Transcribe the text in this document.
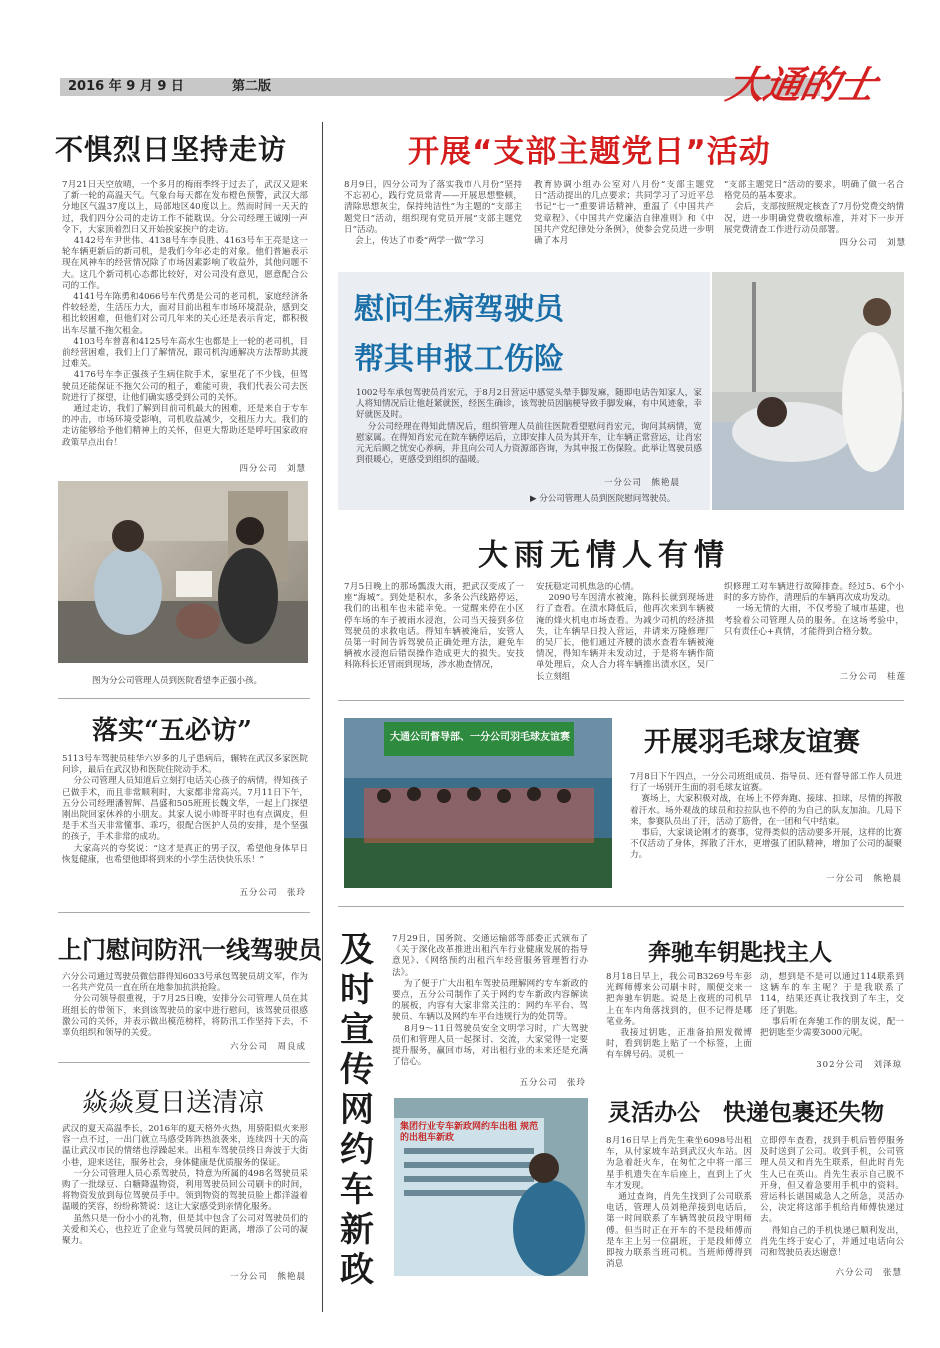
2016 年 9 月 9 日	第二版	大通的士
不惧烈日坚持走访
7月21日天空放晴，一个多月的梅雨季终于过去了，武汉又迎来了新一轮的高温天气。气象台每天都在发布橙色预警，武汉大部分地区气温37度以上，局部地区40度以上。然而时间一天天的过，我们四分公司的走访工作不能耽误。分公司经理王诚刚一声令下，大家顶着烈日又开始挨家挨户的走访。
4142号车尹世伟、4138号车李良胜、4163号车王亮是这一轮车辆更新后的新司机，是我们今年必走的对象。他们普遍表示现在风神车的经营情况除了市场因素影响了收益外，其他问题不大。这几个新司机心态都比较好，对公司没有意见，愿意配合公司的工作。
4141号车陈勇和4066号车代勇是公司的老司机，家庭经济条件较轻差，生活压力大，面对目前出租车市场环境混杂，感到交租比较困难，但他们对公司几年来的关心还是表示肯定，都积极出车尽量不拖欠租金。
4103号车曾喜和4125号车高水生也都是上一轮的老司机，目前经营困难，我们上门了解情况，跟司机沟通解决方法帮助其渡过难关。
4176号车李正强孩子生病住院手术，家里花了不少钱，但驾驶员还能保证不拖欠公司的租子，难能可贵，我们代表公司去医院进行了探望，让他们确实感受到公司的关怀。
通过走访，我们了解到目前司机最大的困难，还是来自于专车的冲击，市场环境受影响，司机收益减少，交租压力大。我们的走访能够给予他们精神上的关怀，但更大帮助还是呼吁国家政府政策早点出台！
四分公司　刘慧
图为分公司管理人员到医院看望李正强小孩。
落实“五必访”
5113号车驾驶员桂华六岁多的儿子患病后，辗转在武汉多家医院问诊，最后在武汉协和医院住院动手术。
分公司管理人员知道后立刻打电话关心孩子的病情，得知孩子已做手术，而且非常顺利时，大家都非常高兴。7月11日下午，五分公司经理潘智辉、昌盛和505班班长魏文华，一起上门探望刚出院回家休养的小朋友。其家人说小帅哥平时也有点调皮，但是手术当天非常懂事、乖巧，很配合医护人员的安排，是个坚强的孩子，手术非常的成功。
大家高兴的夸奖说：“这才是真正的男子汉，希望他身体早日恢复健康，也希望他即将到来的小学生活快快乐乐！”
五分公司　张玲
上门慰问防汛一线驾驶员
六分公司通过驾驶员微信群得知6033号承包驾驶员胡文军，作为一名共产党员一直在所在地参加抗洪抢险。
分公司领导很重视，于7月25日晚，安排分公司管理人员在其班组长的带领下，来到该驾驶员的家中进行慰问，该驾驶员很感激公司的关怀，并表示做出模范榜样，将防汛工作坚持下去，不辜负组织和领导的关爱。
六分公司　周良成
焱焱夏日送清凉
武汉的夏天高温季长，2016年的夏天格外火热，用骄阳似火来形容一点不过，一出门就立马感受阵阵热浪袭来，连续四十天的高温让武汉市民的情绪也浮躁起来。出租车驾驶员终日奔波于大街小巷，迎来送往，服务社会，身体健康是优质服务的保证。
一分公司管理人员心系驾驶员，特意为所属的498名驾驶员采购了一批绿豆、白糖降温物资，利用驾驶员回公司刷卡的时间，将物资发放到每位驾驶员手中。领到物资的驾驶员脸上都洋溢着温暖的笑容，纷纷称赞说：这让大家感受到亲情化服务。
虽然只是一份小小的礼物，但是其中包含了公司对驾驶员们的关爱和关心，也拉近了企业与驾驶员间的距离，增添了公司的凝聚力。
一分公司　熊艳晨
开展“支部主题党日”活动
8月9日，四分公司为了落实我市八月份“坚持不忘初心，践行党员常青——开展思想整顿，清除思想灰尘，保持纯洁性”为主题的“支部主题党日”活动，组织现有党员开展“支部主题党日”活动。
会上，传达了市委“两学一做”学习
教育协调小组办公室对八月份“支部主题党日”活动提出的几点要求；共同学习了习近平总书记“七一”重要讲话精神，重温了《中国共产党章程》、《中国共产党廉洁自律准则》和《中国共产党纪律处分条例》，使参会党员进一步明确了本月
“支部主题党日”活动的要求，明确了做一名合格党员的基本要求。
会后，支部按照规定核查了7月份党费交纳情况，进一步明确党费收缴标准，并对下一步开展党费清查工作进行动员部署。
四分公司　刘慧
慰问生病驾驶员
帮其申报工伤险
1002号车承包驾驶员肖宏元，于8月2日营运中感觉头晕手脚发麻，随即电话告知家人，家人将知情况后让他赶紧就医，经医生确诊，该驾驶员因脑梗导致手脚发麻，有中风迹象，幸好就医及时。
分公司经理在得知此情况后，组织管理人员前往医院看望慰问肖宏元，询问其病情，宽慰家属。在得知肖宏元在院车辆停运后，立即安排人员为其开车，让车辆正常营运，让肖宏元无后顾之忧安心养病，并且向公司人力资源部咨询，为其申报工伤保险。此举让驾驶员感到很暖心，更感受到组织的温暖。
一分公司　熊艳晨
▶ 分公司管理人员到医院慰问驾驶员。
大雨无情人有情
7月5日晚上的那场瓢泼大雨，把武汉变成了一座“海城”。到处是积水，多条公汽线路停运，我们的出租车也未能幸免。一觉醒来停在小区停车场的车子被雨水浸泡，公司当天接到多位驾驶员的求救电话。得知车辆被淹后，安管人员第一时间告诉驾驶员正确处理方法，避免车辆被水浸泡后错误操作造成更大的损失。安技科陈科长还冒雨到现场，涉水勘查情况，
安抚稳定司机焦急的心情。
2090号车因清水被淹，陈科长就到现场进行了查看。在渍水降低后，他再次来到车辆被淹的烽火机电市场查看。为减少司机的经济损失，让车辆早日投入营运，并请来万隆修理厂的吴厂长，他们通过齐腰的渍水查看车辆被淹情况，得知车辆并未发动过，于是将车辆作简单处理后，众人合力将车辆推出渍水区，吴厂长立刻组
织修理工对车辆进行故障排查。经过5、6个小时的多方协作，清理后的车辆再次成功发动。
一场无情的大雨，不仅考验了城市基建，也考验着公司管理人员的服务。在这场考验中，只有责任心+真情，才能得到合格分数。
二分公司　桂莲
大通公司督导部、一分公司羽毛球友谊赛	开展羽毛球友谊赛
7月8日下午四点，一分公司班组成员、指导员、还有督导部工作人员进行了一场别开生面的羽毛球友谊赛。
赛场上，大家积极对战，在场上不停奔跑、接球、扣球，尽情的挥散着汗水。场外观战的球员和拉拉队也不停的为自己的队友加油。几局下来，参赛队员出了汗，活动了筋骨，在一团和气中结束。
事后，大家谈论刚才的赛事，觉得类似的活动要多开展，这样的比赛不仅活动了身体，挥散了汗水，更增强了团队精神，增加了公司的凝聚力。
一分公司　熊艳晨
及时宣传网约车新政
7月29日，国务院、交通运输部等部委正式颁布了《关于深化改革推进出租汽车行业健康发展的指导意见》、《网络预约出租汽车经营服务管理暂行办法》。
为了便于广大出租车驾驶员理解网约专车新政的要点，五分公司制作了关于网约专车新政内容解读的展板，内容有大家非常关注的：网约车平台、驾驶员、车辆以及网约车平台违规行为的处罚等。
8月9～11日驾驶员安全文明学习时，广大驾驶员们和管理人员一起探讨、交流，大家觉得一定要提升服务，赢回市场，对出租行业的未来还是充满了信心。
五分公司　张玲
集团行业专车新政网约车出租 规范的出租车新政
奔驰车钥匙找主人
8月18日早上，我公司B3269号车彭光辉师傅来公司刷卡时，顺便交来一把奔驰车钥匙。说是上夜班的司机早上在车内角落找到的，但不记得是哪笔业务。
我接过钥匙，正准备拍照发微博时，看到钥匙上贴了一个标签，上面有车牌号码。灵机一
动，想到是不是可以通过114联系到这辆车的车主呢？于是我联系了114，结果还真让我找到了车主，交还了钥匙。
事后听在奔驰工作的朋友说，配一把钥匙至少需要3000元呢。
302分公司　刘泽琼
灵活办公　快递包裹还失物
8月16日早上肖先生乘坐6098号出租车，从付家坡车站到武汉火车站。因为急着赶火车，在匆忙之中将一部三星手机遗失在车后座上，直到上了火车才发现。
通过查询，肖先生找到了公司联系电话，管理人员刘艳萍接到电话后，第一时间联系了车辆驾驶员段守明师傅。但当时正在开车的不是段师傅而是车主上另一位副班，于是段师傅立即按力联系当班司机。当班师傅得到消息
立即停车查看，找到手机后暂停服务及时送到了公司。收到手机，公司管理人员又和肖先生联系，但此时肖先生人已在英山。肖先生表示自己脱不开身，但又着急要用手机中的资料。营运科长谌国威急人之所急，灵活办公，决定将这部手机给肖师傅快递过去。
得知自己的手机快递已顺利发出，肖先生终于安心了，并通过电话向公司和驾驶员表达谢意！
六分公司　张慧
